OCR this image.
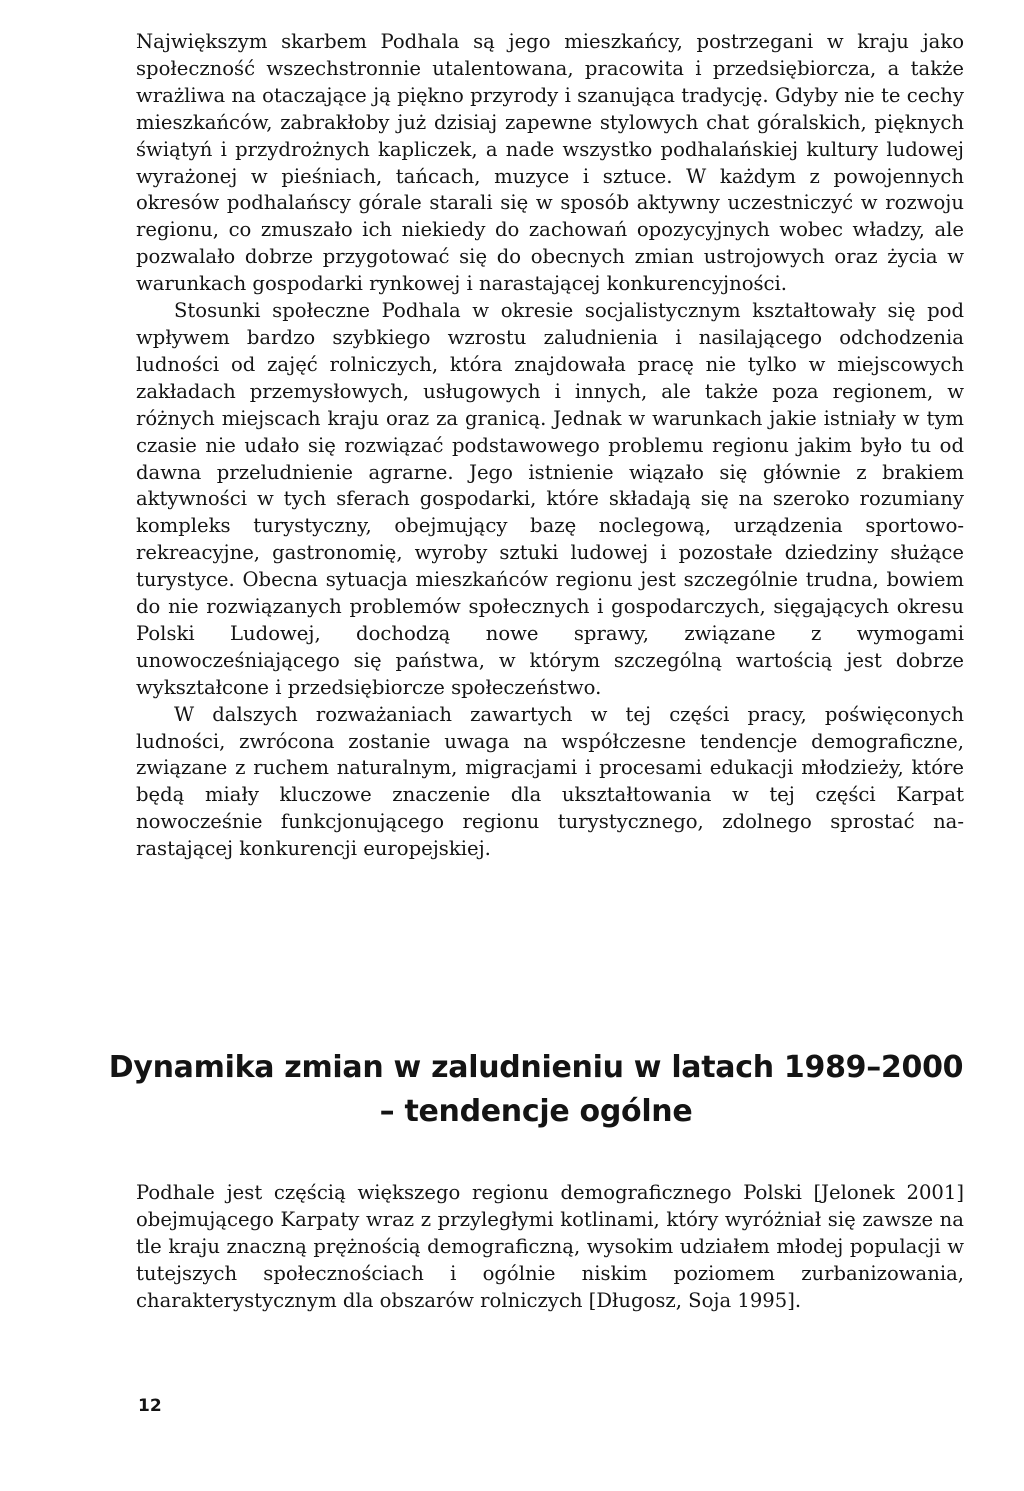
Największym skarbem Podhala są jego mieszkańcy, postrzegani w kraju jako społeczność wszechstronnie utalentowana, pracowita i przedsiębiorcza, a także wrażliwa na otaczające ją piękno przyrody i szanująca tradycję. Gdyby nie te cechy mieszkańców, zabrakłoby już dzisiaj zapewne stylowych chat góralskich, pięknych świątyń i przydrożnych kapliczek, a nade wszystko podhalańskiej kultury ludowej wyrażonej w pieśniach, tańcach, muzyce i sztuce. W każdym z powojennych okresów podhalańscy górale starali się w sposób aktywny uczestniczyć w rozwoju regionu, co zmuszało ich niekiedy do zachowań opozycyjnych wobec władzy, ale pozwalało dobrze przygotować się do obecnych zmian ustrojowych oraz życia w warunkach gospodarki rynkowej i narastającej konkurencyjności.

Stosunki społeczne Podhala w okresie socjalistycznym kształtowały się pod wpływem bardzo szybkiego wzrostu zaludnienia i nasilającego odchodzenia ludności od zajęć rolniczych, która znajdowała pracę nie tylko w miejscowych zakładach przemysłowych, usługowych i innych, ale także poza regionem, w różnych miejscach kraju oraz za granicą. Jednak w warunkach jakie istniały w tym czasie nie udało się rozwiązać podstawowego problemu regionu jakim było tu od dawna przeludnienie agrarne. Jego istnienie wiązało się głównie z brakiem aktywności w tych sferach gospodarki, które składają się na szeroko rozumiany kompleks turystyczny, obejmujący bazę noclegową, urządzenia sportowo-rekreacyjne, gastronomię, wyroby sztuki ludowej i pozostałe dziedziny służące turystyce. Obecna sytuacja mieszkańców regionu jest szczególnie trudna, bowiem do nie rozwiązanych problemów społecznych i gospodarczych, sięgających okresu Polski Ludowej, dochodzą nowe sprawy, związane z wymogami unowocześniającego się państwa, w którym szczególną wartością jest dobrze wykształcone i przedsiębiorcze społeczeństwo.

W dalszych rozważaniach zawartych w tej części pracy, poświęconych ludności, zwrócona zostanie uwaga na współczesne tendencje demograficzne, związane z ruchem naturalnym, migracjami i procesami edukacji młodzieży, które będą miały kluczowe znaczenie dla ukształtowania w tej części Karpat nowocześnie funkcjonującego regionu turystycznego, zdolnego sprostać narastającej konkurencji europejskiej.

Dynamika zmian w zaludnieniu w latach 1989–2000
– tendencje ogólne

Podhale jest częścią większego regionu demograficznego Polski [Jelonek 2001] obejmującego Karpaty wraz z przyległymi kotlinami, który wyróżniał się zawsze na tle kraju znaczną prężnością demograficzną, wysokim udziałem młodej populacji w tutejszych społecznościach i ogólnie niskim poziomem zurbanizowania, charakterystycznym dla obszarów rolniczych [Długosz, Soja 1995].

12
